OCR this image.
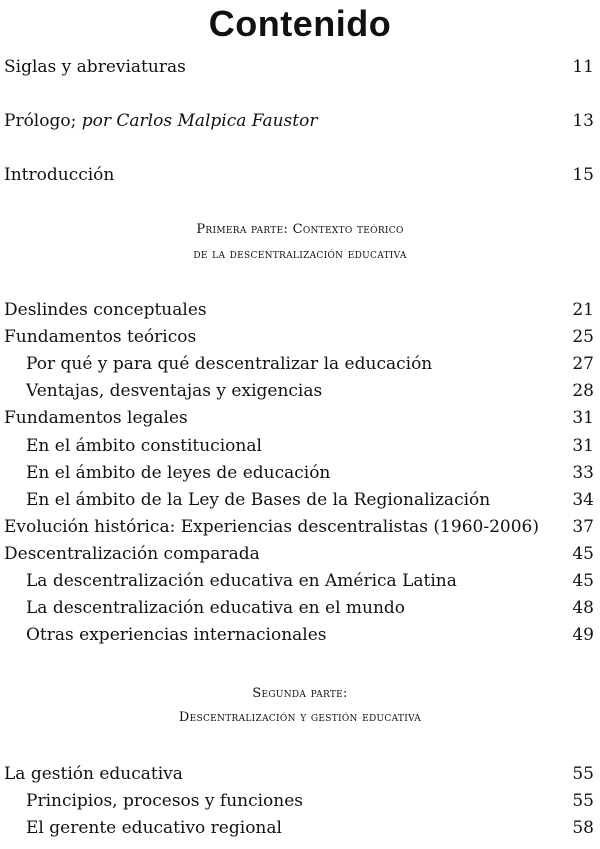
Contenido
Siglas y abreviaturas	11
Prólogo; por Carlos Malpica Faustor	13
Introducción	15
Primera parte: Contexto teórico
de la descentralización educativa
Deslindes conceptuales	21
Fundamentos teóricos	25
Por qué y para qué descentralizar la educación	27
Ventajas, desventajas y exigencias	28
Fundamentos legales	31
En el ámbito constitucional	31
En el ámbito de leyes de educación	33
En el ámbito de la Ley de Bases de la Regionalización	34
Evolución histórica: Experiencias descentralistas (1960-2006) 37
Descentralización comparada	45
La descentralización educativa en América Latina	45
La descentralización educativa en el mundo	48
Otras experiencias internacionales	49
Segunda parte:
Descentralización y gestión educativa
La gestión educativa	55
Principios, procesos y funciones	55
El gerente educativo regional	58
